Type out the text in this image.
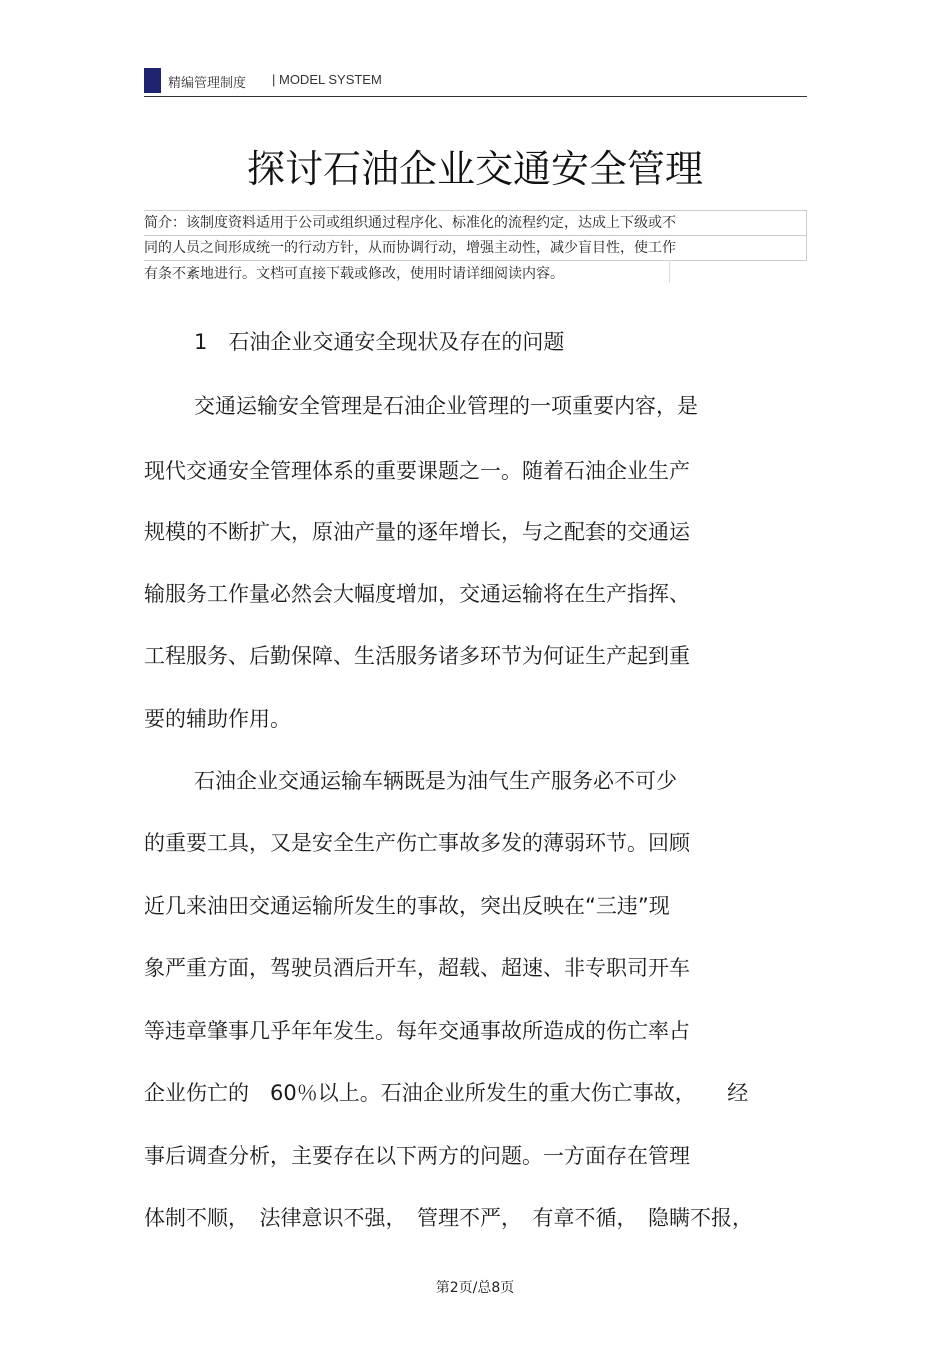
精编管理制度 | MODEL SYSTEM
探讨石油企业交通安全管理
简介：该制度资料适用于公司或组织通过程序化、标准化的流程约定，达成上下级或不
同的人员之间形成统一的行动方针，从而协调行动，增强主动性，减少盲目性，使工作
有条不紊地进行。文档可直接下载或修改，使用时请详细阅读内容。
1　石油企业交通安全现状及存在的问题
交通运输安全管理是石油企业管理的一项重要内容，是
现代交通安全管理体系的重要课题之一。随着石油企业生产
规模的不断扩大，原油产量的逐年增长，与之配套的交通运
输服务工作量必然会大幅度增加，交通运输将在生产指挥、
工程服务、后勤保障、生活服务诸多环节为何证生产起到重
要的辅助作用。
石油企业交通运输车辆既是为油气生产服务必不可少
的重要工具，又是安全生产伤亡事故多发的薄弱环节。回顾
近几来油田交通运输所发生的事故，突出反映在“三违”现
象严重方面，驾驶员酒后开车，超载、超速、非专职司开车
等违章肇事几乎年年发生。每年交通事故所造成的伤亡率占
企业伤亡的　60％以上。石油企业所发生的重大伤亡事故，　　经
事后调查分析，主要存在以下两方的问题。一方面存在管理
体制不顺，　法律意识不强，　管理不严，　有章不循，　隐瞒不报，
第2页/总8页
